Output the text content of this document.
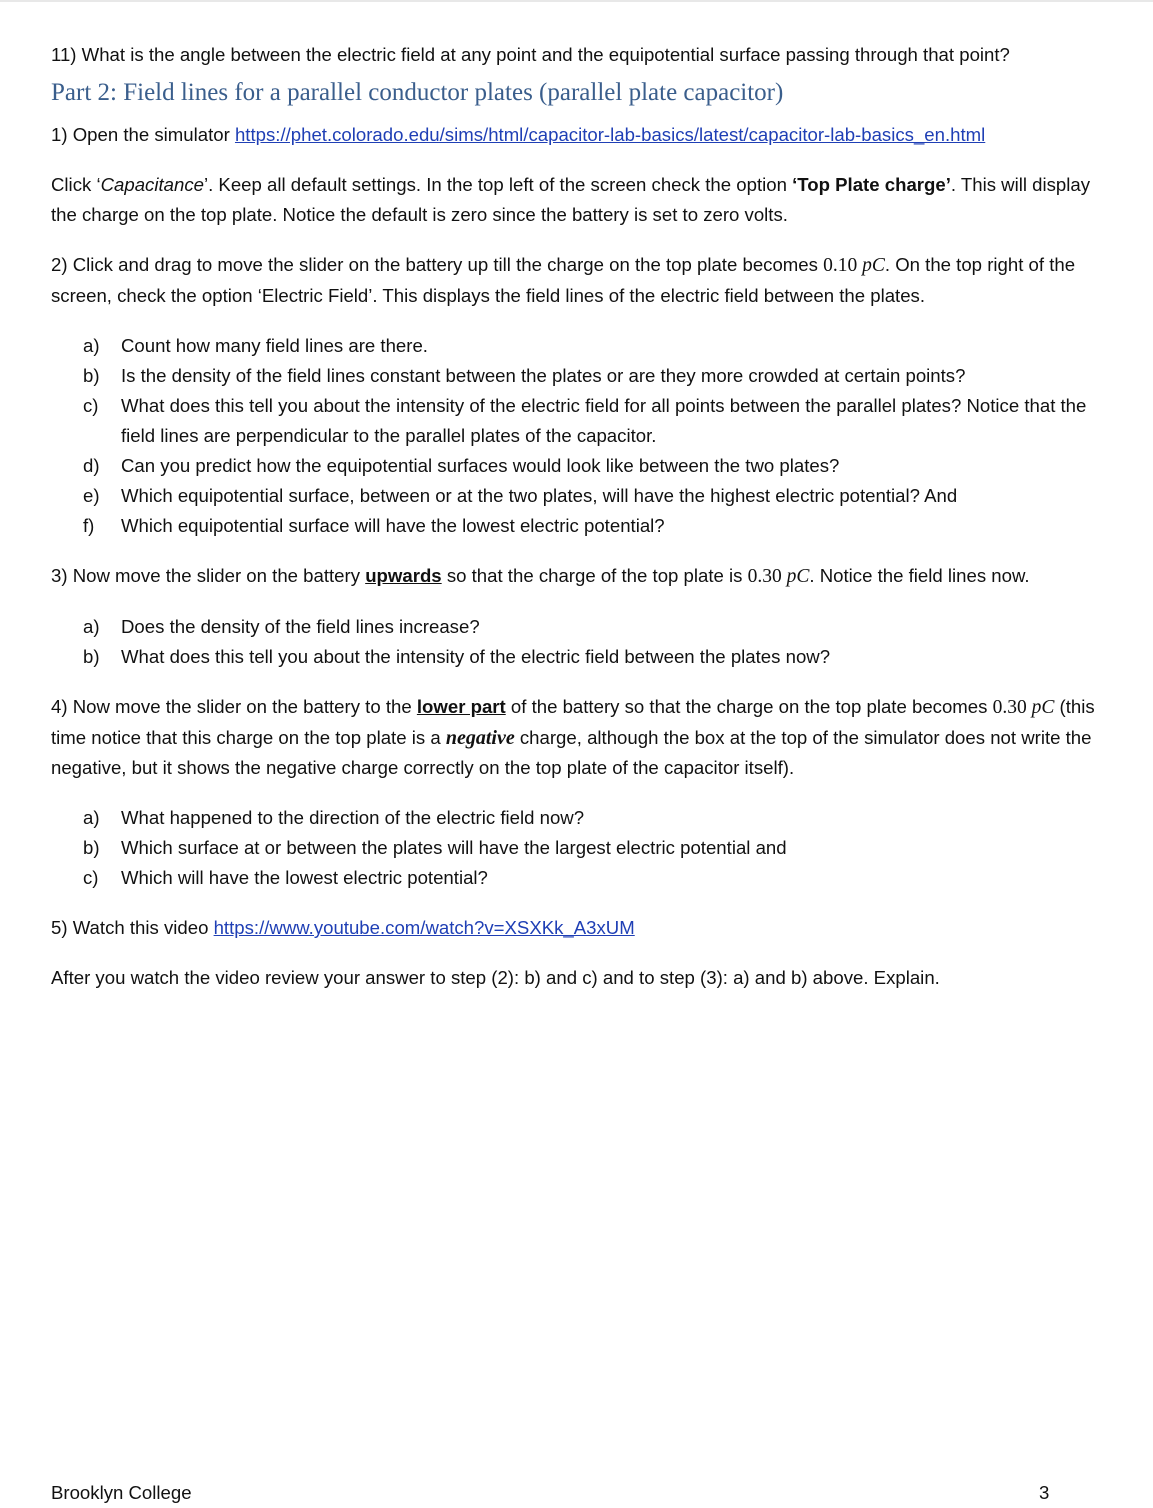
11) What is the angle between the electric field at any point and the equipotential surface passing through that point?

Part 2: Field lines for a parallel conductor plates (parallel plate capacitor)

1) Open the simulator https://phet.colorado.edu/sims/html/capacitor-lab-basics/latest/capacitor-lab-basics_en.html

Click ‘Capacitance’. Keep all default settings. In the top left of the screen check the option ‘Top Plate charge’. This will display the charge on the top plate. Notice the default is zero since the battery is set to zero volts.

2) Click and drag to move the slider on the battery up till the charge on the top plate becomes 0.10 pC. On the top right of the screen, check the option ‘Electric Field’. This displays the field lines of the electric field between the plates.

a) Count how many field lines are there.
b) Is the density of the field lines constant between the plates or are they more crowded at certain points?
c) What does this tell you about the intensity of the electric field for all points between the parallel plates? Notice that the field lines are perpendicular to the parallel plates of the capacitor.
d) Can you predict how the equipotential surfaces would look like between the two plates?
e) Which equipotential surface, between or at the two plates, will have the highest electric potential? And
f) Which equipotential surface will have the lowest electric potential?

3) Now move the slider on the battery upwards so that the charge of the top plate is 0.30 pC. Notice the field lines now.

a) Does the density of the field lines increase?
b) What does this tell you about the intensity of the electric field between the plates now?

4) Now move the slider on the battery to the lower part of the battery so that the charge on the top plate becomes 0.30 pC (this time notice that this charge on the top plate is a negative charge, although the box at the top of the simulator does not write the negative, but it shows the negative charge correctly on the top plate of the capacitor itself).

a) What happened to the direction of the electric field now?
b) Which surface at or between the plates will have the largest electric potential and
c) Which will have the lowest electric potential?

5) Watch this video https://www.youtube.com/watch?v=XSXKk_A3xUM

After you watch the video review your answer to step (2): b) and c) and to step (3): a) and b) above. Explain.

Brooklyn College	3
